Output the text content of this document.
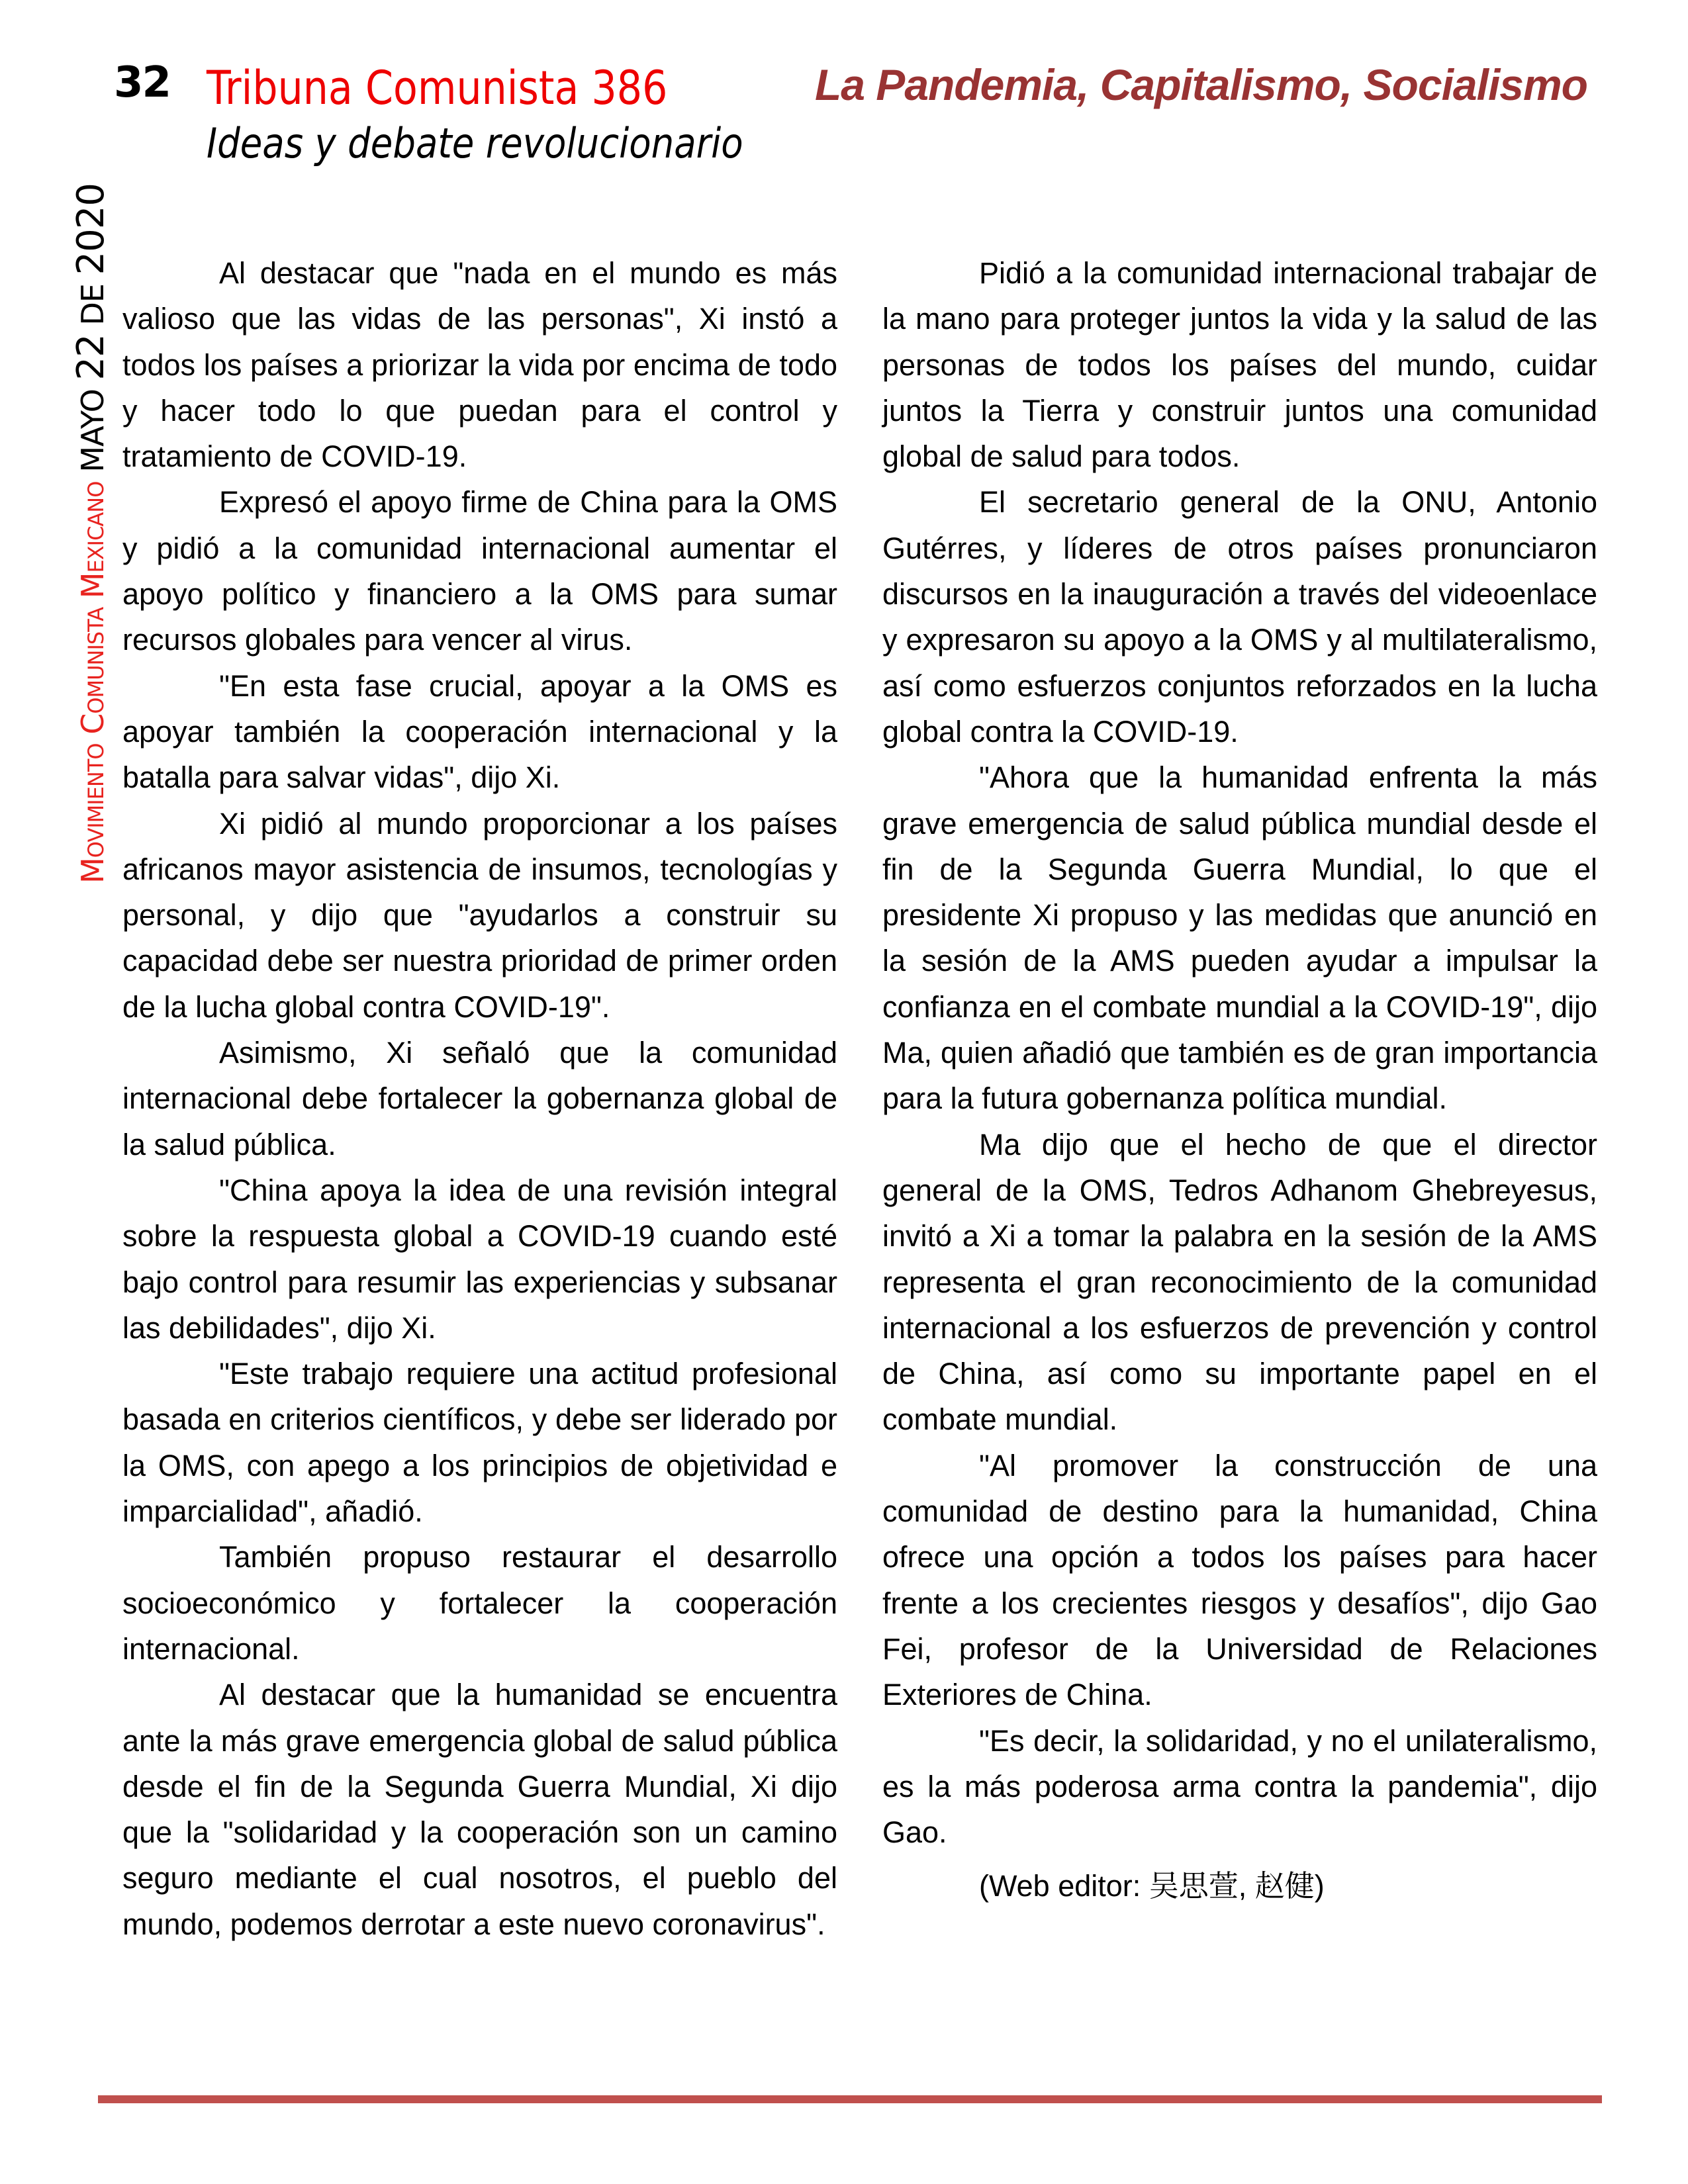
32 Tribuna Comunista 386
Ideas y debate revolucionario
La Pandemia, Capitalismo, Socialismo
Movimiento Comunista MexicanoMAYO 22 DE 2020	Al destacar que "nada en el mundo es más valioso que las vidas de las personas", Xi instó a todos los países a priorizar la vida por encima de todo y hacer todo lo que puedan para el control y tratamiento de COVID-19.

Expresó el apoyo firme de China para la OMS y pidió a la comunidad internacional aumentar el apoyo político y financiero a la OMS para sumar recursos globales para vencer al virus.

"En esta fase crucial, apoyar a la OMS es apoyar también la cooperación internacional y la batalla para salvar vidas", dijo Xi.

Xi pidió al mundo proporcionar a los países africanos mayor asistencia de insumos, tecnologías y personal, y dijo que "ayudarlos a construir su capacidad debe ser nuestra prioridad de primer orden de la lucha global contra COVID-19".

Asimismo, Xi señaló que la comunidad internacional debe fortalecer la gobernanza global de la salud pública.

"China apoya la idea de una revisión integral sobre la respuesta global a COVID-19 cuando esté bajo control para resumir las experiencias y subsanar las debilidades", dijo Xi.

"Este trabajo requiere una actitud profesional basada en criterios científicos, y debe ser liderado por la OMS, con apego a los principios de objetividad e imparcialidad", añadió.

También propuso restaurar el desarrollo socioeconómico y fortalecer la cooperación internacional.

Al destacar que la humanidad se encuentra ante la más grave emergencia global de salud pública desde el fin de la Segunda Guerra Mundial, Xi dijo que la "solidaridad y la cooperación son un camino seguro mediante el cual nosotros, el pueblo del mundo, podemos derrotar a este nuevo coronavirus".

Pidió a la comunidad internacional trabajar de la mano para proteger juntos la vida y la salud de las personas de todos los países del mundo, cuidar juntos la Tierra y construir juntos una comunidad global de salud para todos.

El secretario general de la ONU, Antonio Gutérres, y líderes de otros países pronunciaron discursos en la inauguración a través del videoenlace y expresaron su apoyo a la OMS y al multilateralismo, así como esfuerzos conjuntos reforzados en la lucha global contra la COVID-19.

"Ahora que la humanidad enfrenta la más grave emergencia de salud pública mundial desde el fin de la Segunda Guerra Mundial, lo que el presidente Xi propuso y las medidas que anunció en la sesión de la AMS pueden ayudar a impulsar la confianza en el combate mundial a la COVID-19", dijo Ma, quien añadió que también es de gran importancia para la futura gobernanza política mundial.

Ma dijo que el hecho de que el director general de la OMS, Tedros Adhanom Ghebreyesus, invitó a Xi a tomar la palabra en la sesión de la AMS representa el gran reconocimiento de la comunidad internacional a los esfuerzos de prevención y control de China, así como su importante papel en el combate mundial.

"Al promover la construcción de una comunidad de destino para la humanidad, China ofrece una opción a todos los países para hacer frente a los crecientes riesgos y desafíos", dijo Gao Fei, profesor de la Universidad de Relaciones Exteriores de China.

"Es decir, la solidaridad, y no el unilateralismo, es la más poderosa arma contra la pandemia", dijo Gao.

(Web editor: 吴思萱, 赵健)
